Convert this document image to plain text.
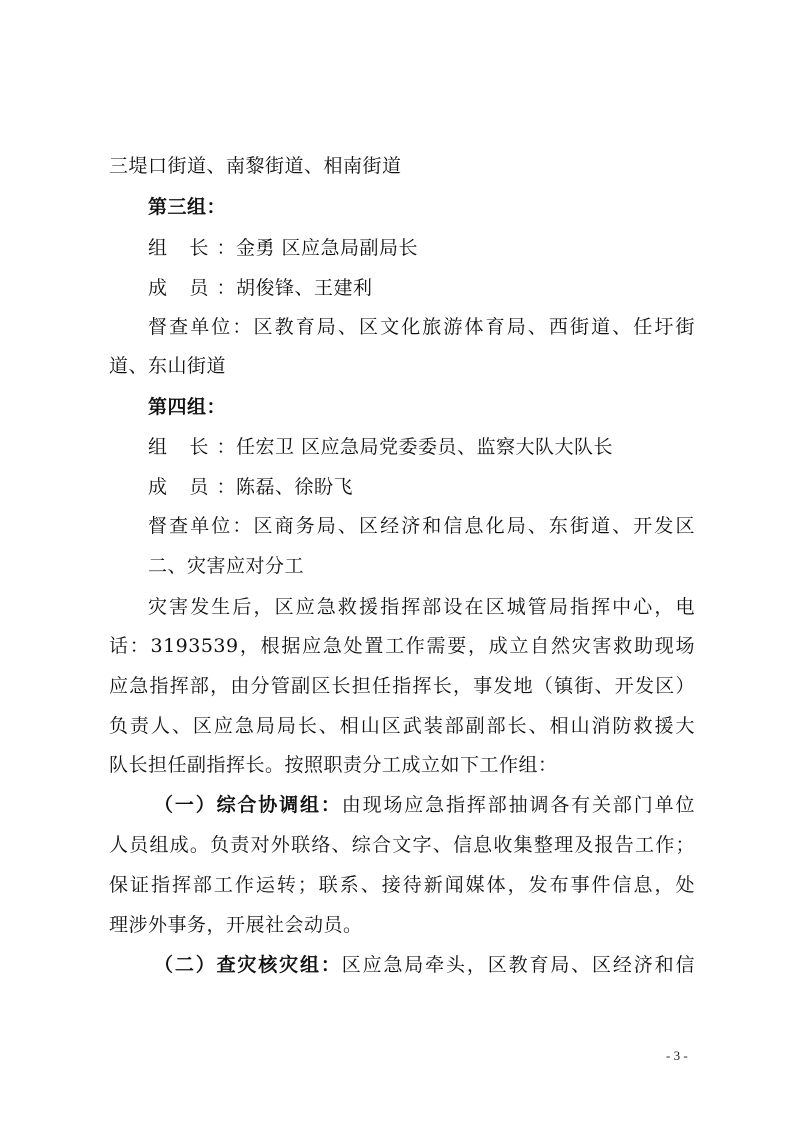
三堤口街道、南黎街道、相南街道
第三组：
组 长：金勇 区应急局副局长
成 员：胡俊锋、王建利
督查单位：区教育局、区文化旅游体育局、西街道、任圩街
道、东山街道
第四组：
组 长：任宏卫 区应急局党委委员、监察大队大队长
成 员：陈磊、徐盼飞
督查单位：区商务局、区经济和信息化局、东街道、开发区
二、灾害应对分工
灾害发生后，区应急救援指挥部设在区城管局指挥中心，电
话：3193539，根据应急处置工作需要，成立自然灾害救助现场
应急指挥部，由分管副区长担任指挥长，事发地（镇街、开发区）
负责人、区应急局局长、相山区武装部副部长、相山消防救援大
队长担任副指挥长。按照职责分工成立如下工作组：
（一）综合协调组：由现场应急指挥部抽调各有关部门单位
人员组成。负责对外联络、综合文字、信息收集整理及报告工作；
保证指挥部工作运转；联系、接待新闻媒体，发布事件信息，处
理涉外事务，开展社会动员。
（二）查灾核灾组：区应急局牵头，区教育局、区经济和信
- 3 -
